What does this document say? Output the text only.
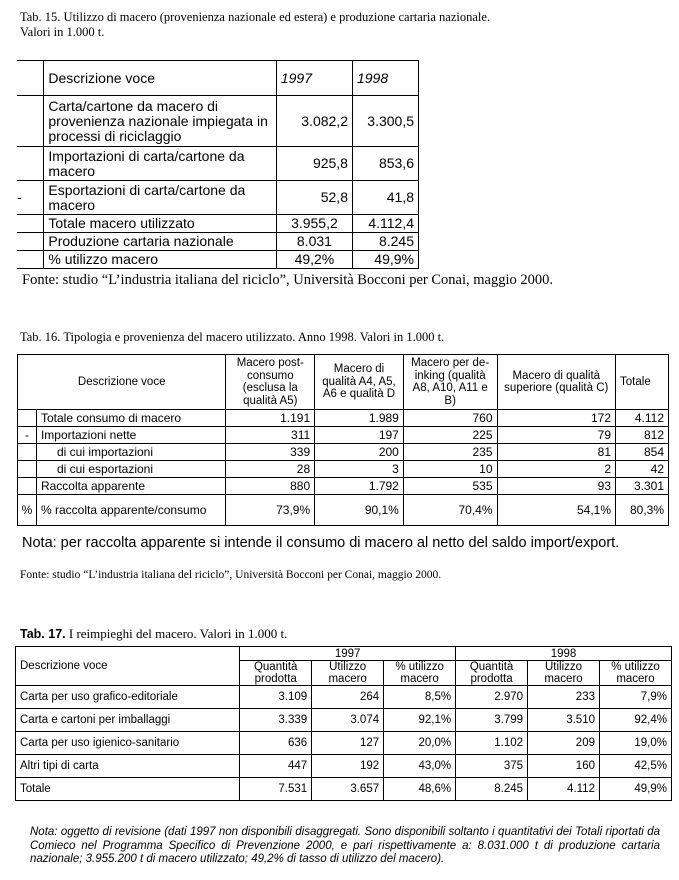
Tab. 15. Utilizzo di macero (provenienza nazionale ed estera) e produzione cartaria nazionale.
Valori in 1.000 t.
	Descrizione voce	1997	1998
	Carta/cartone da macero di provenienza nazionale impiegata in processi di riciclaggio	3.082,2	3.300,5
	Importazioni di carta/cartone da macero	925,8	853,6
-	Esportazioni di carta/cartone da macero	52,8	41,8
	Totale macero utilizzato	3.955,2	4.112,4
	Produzione cartaria nazionale	8.031	8.245
	% utilizzo macero	49,2%	49,9%
Fonte: studio “L’industria italiana del riciclo”, Università Bocconi per Conai, maggio 2000.
Tab. 16. Tipologia e provenienza del macero utilizzato. Anno 1998. Valori in 1.000 t.
Descrizione voce		Macero post-consumo (esclusa la qualità A5)	Macero di qualità A4, A5, A6 e qualità D	Macero per de-inking (qualità A8, A10, A11 e B)	Macero di qualità superiore (qualità C)	Totale
	Totale consumo di macero	1.191	1.989	760	172	4.112
-	Importazioni nette	311	197	225	79	812
	di cui importazioni	339	200	235	81	854
	di cui esportazioni	28	3	10	2	42
	Raccolta apparente	880	1.792	535	93	3.301
%	% raccolta apparente/consumo	73,9%	90,1%	70,4%	54,1%	80,3%
Nota: per raccolta apparente si intende il consumo di macero al netto del saldo import/export.
Fonte: studio “L’industria italiana del riciclo”, Università Bocconi per Conai, maggio 2000.
Tab. 17. I reimpieghi del macero. Valori in 1.000 t.
Descrizione voce	1997			1998		
	Quantità prodotta	Utilizzo macero	% utilizzo macero	Quantità prodotta	Utilizzo macero	% utilizzo macero
Carta per uso grafico-editoriale	3.109	264	8,5%	2.970	233	7,9%
Carta e cartoni per imballaggi	3.339	3.074	92,1%	3.799	3.510	92,4%
Carta per uso igienico-sanitario	636	127	20,0%	1.102	209	19,0%
Altri tipi di carta	447	192	43,0%	375	160	42,5%
Totale	7.531	3.657	48,6%	8.245	4.112	49,9%
Nota: oggetto di revisione (dati 1997 non disponibili disaggregati. Sono disponibili soltanto i quantitativi dei Totali riportati da Comieco nel Programma Specifico di Prevenzione 2000, e pari rispettivamente a: 8.031.000 t di produzione cartaria nazionale; 3.955.200 t di macero utilizzato; 49,2% di tasso di utilizzo del macero).
